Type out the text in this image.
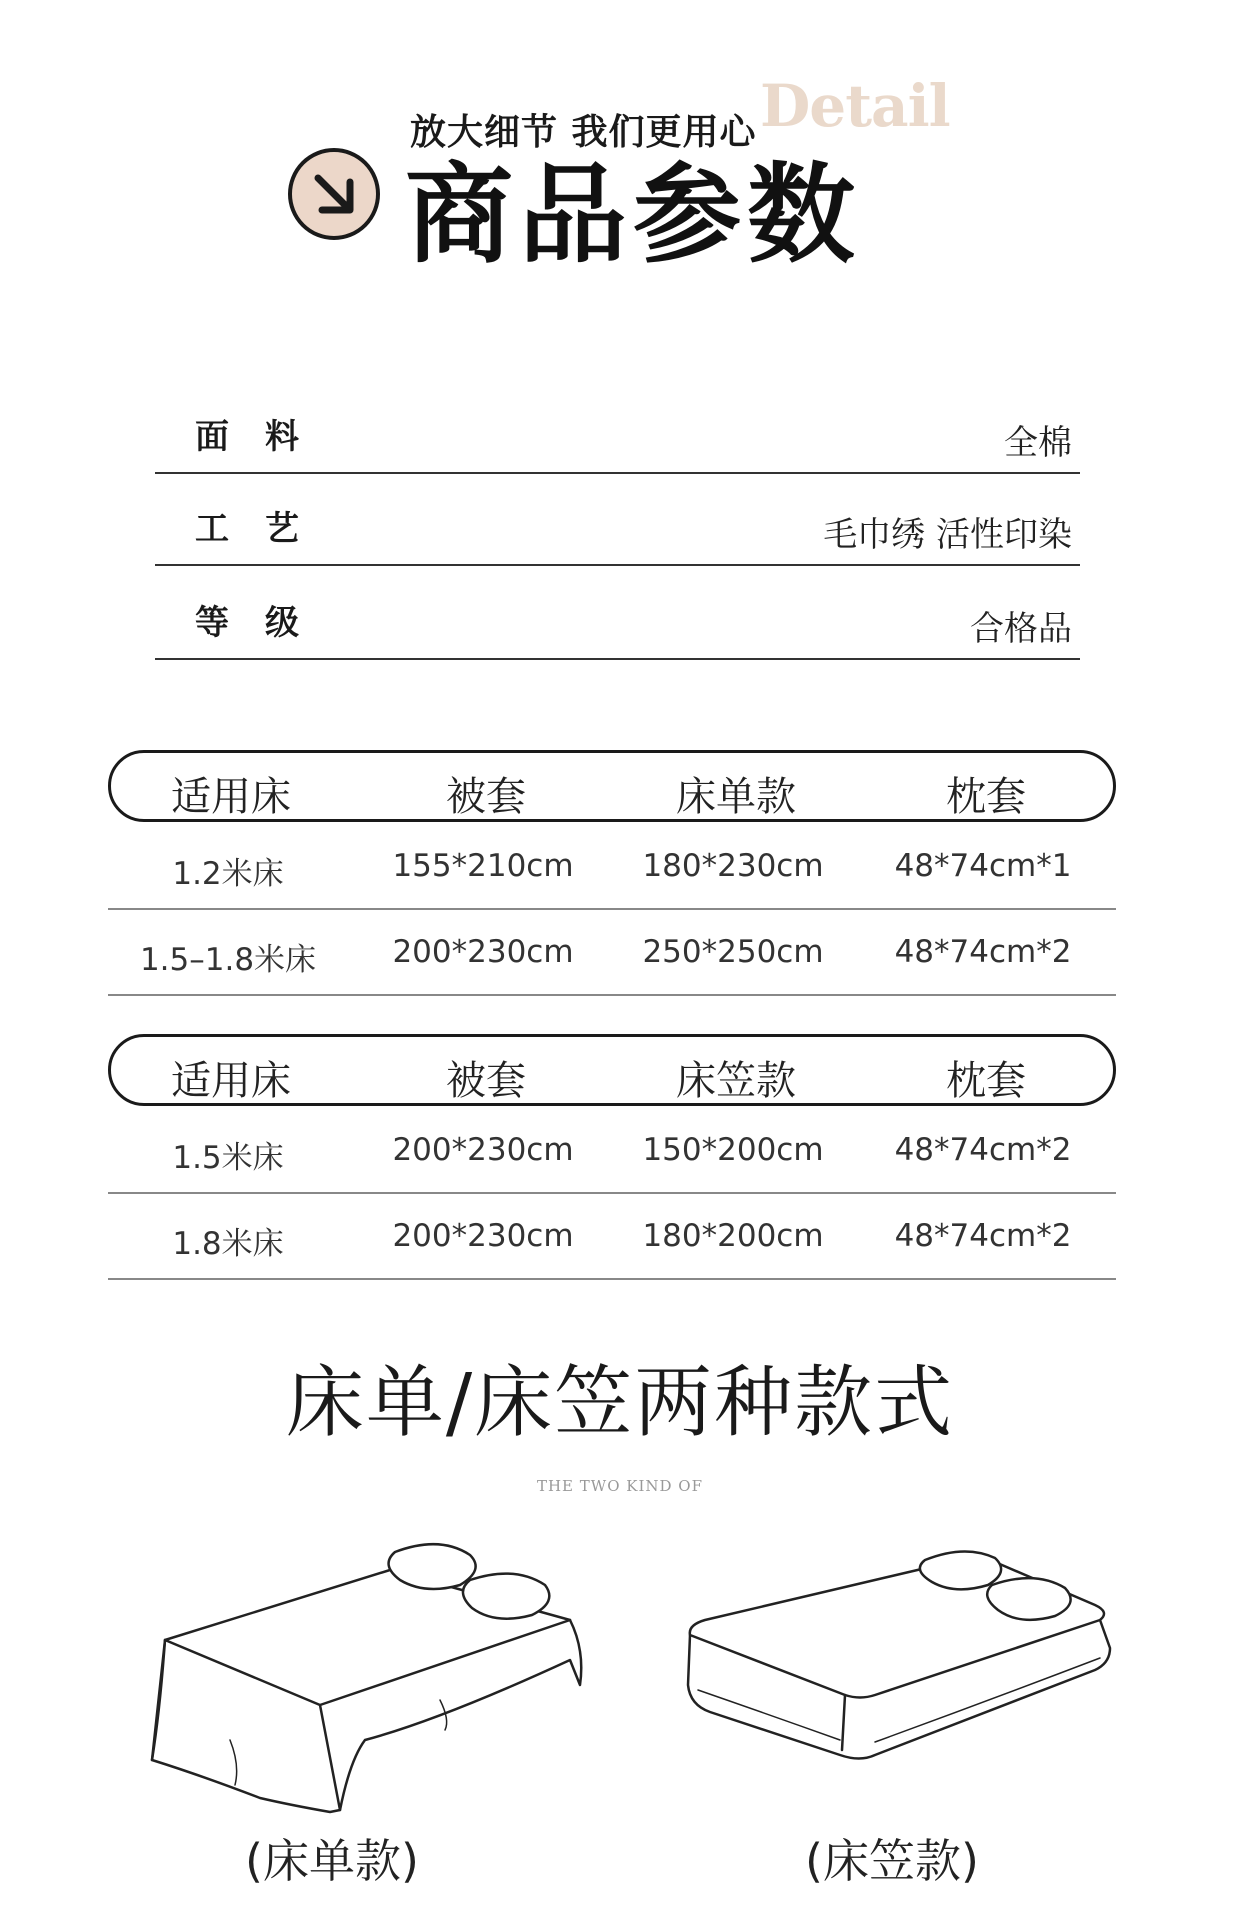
放大细节 我们更用心 Detail
商品参数
面料	全棉
工艺	毛巾绣 活性印染
等级	合格品
适用床	被套	床单款	枕套
1.2米床	155*210cm	180*230cm	48*74cm*1
1.5–1.8米床	200*230cm	250*250cm	48*74cm*2
适用床	被套	床笠款	枕套
1.5米床	200*230cm	150*200cm	48*74cm*2
1.8米床	200*230cm	180*200cm	48*74cm*2
床单/床笠两种款式
THE TWO KIND OF
(床单款)	(床笠款)
